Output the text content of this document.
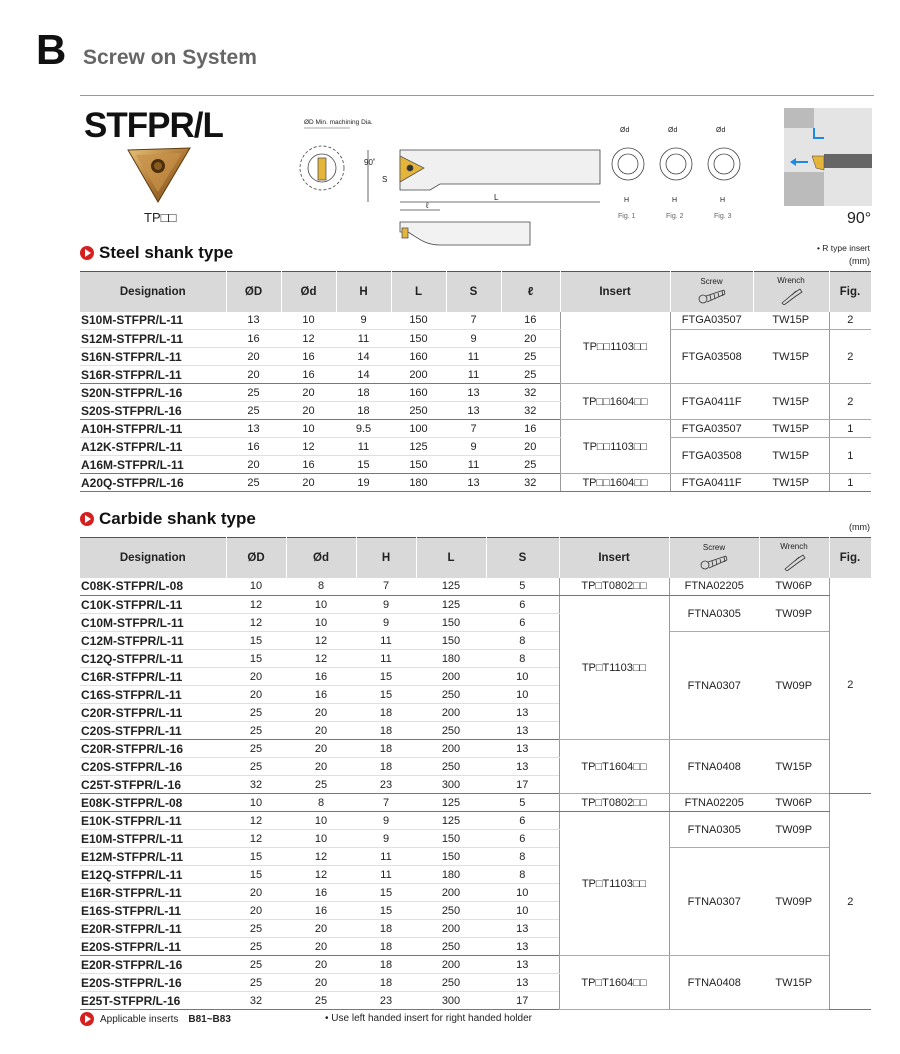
B Screw on System
STFPR/L
TP□□
ØD Min. machining Dia.
90˚
S
ℓ
L
Ød
H
Fig. 1
Ød
H
Fig. 2
Ød
H
Fig. 3	90°
Steel shank type	• R type insert
(mm)
Designation	ØD	Ød	H	L	S	ℓ	Insert	Screw	Wrench	Fig.
S10M-STFPR/L-11	13	10	9	150	7	16	TP□□1103□□	FTGA03507	TW15P	2
S12M-STFPR/L-11	16	12	11	150	9	20		FTGA03508	TW15P	2
S16N-STFPR/L-11	20	16	14	160	11	25				
S16R-STFPR/L-11	20	16	14	200	11	25				
S20N-STFPR/L-16	25	20	18	160	13	32	TP□□1604□□	FTGA0411F	TW15P	2
S20S-STFPR/L-16	25	20	18	250	13	32				
A10H-STFPR/L-11	13	10	9.5	100	7	16	TP□□1103□□	FTGA03507	TW15P	1
A12K-STFPR/L-11	16	12	11	125	9	20		FTGA03508	TW15P	1
A16M-STFPR/L-11	20	16	15	150	11	25				
A20Q-STFPR/L-16	25	20	19	180	13	32	TP□□1604□□	FTGA0411F	TW15P	1
Carbide shank type	(mm)
Designation	ØD	Ød	H	L	S	Insert	Screw	Wrench	Fig.
C08K-STFPR/L-08	10	8	7	125	5	TP□T0802□□	FTNA02205	TW06P	2
C10K-STFPR/L-11	12	10	9	125	6	TP□T1103□□	FTNA0305	TW09P	
C10M-STFPR/L-11	12	10	9	150	6				
C12M-STFPR/L-11	15	12	11	150	8		FTNA0307	TW09P	
C12Q-STFPR/L-11	15	12	11	180	8				
C16R-STFPR/L-11	20	16	15	200	10				
C16S-STFPR/L-11	20	16	15	250	10				
C20R-STFPR/L-11	25	20	18	200	13				
C20S-STFPR/L-11	25	20	18	250	13				
C20R-STFPR/L-16	25	20	18	200	13	TP□T1604□□	FTNA0408	TW15P	
C20S-STFPR/L-16	25	20	18	250	13				
C25T-STFPR/L-16	32	25	23	300	17				
E08K-STFPR/L-08	10	8	7	125	5	TP□T0802□□	FTNA02205	TW06P	2
E10K-STFPR/L-11	12	10	9	125	6	TP□T1103□□	FTNA0305	TW09P	
E10M-STFPR/L-11	12	10	9	150	6				
E12M-STFPR/L-11	15	12	11	150	8		FTNA0307	TW09P	
E12Q-STFPR/L-11	15	12	11	180	8				
E16R-STFPR/L-11	20	16	15	200	10				
E16S-STFPR/L-11	20	16	15	250	10				
E20R-STFPR/L-11	25	20	18	200	13				
E20S-STFPR/L-11	25	20	18	250	13				
E20R-STFPR/L-16	25	20	18	200	13	TP□T1604□□	FTNA0408	TW15P	
E20S-STFPR/L-16	25	20	18	250	13				
E25T-STFPR/L-16	32	25	23	300	17				
Applicable inserts B81~B83	• Use left handed insert for right handed holder
